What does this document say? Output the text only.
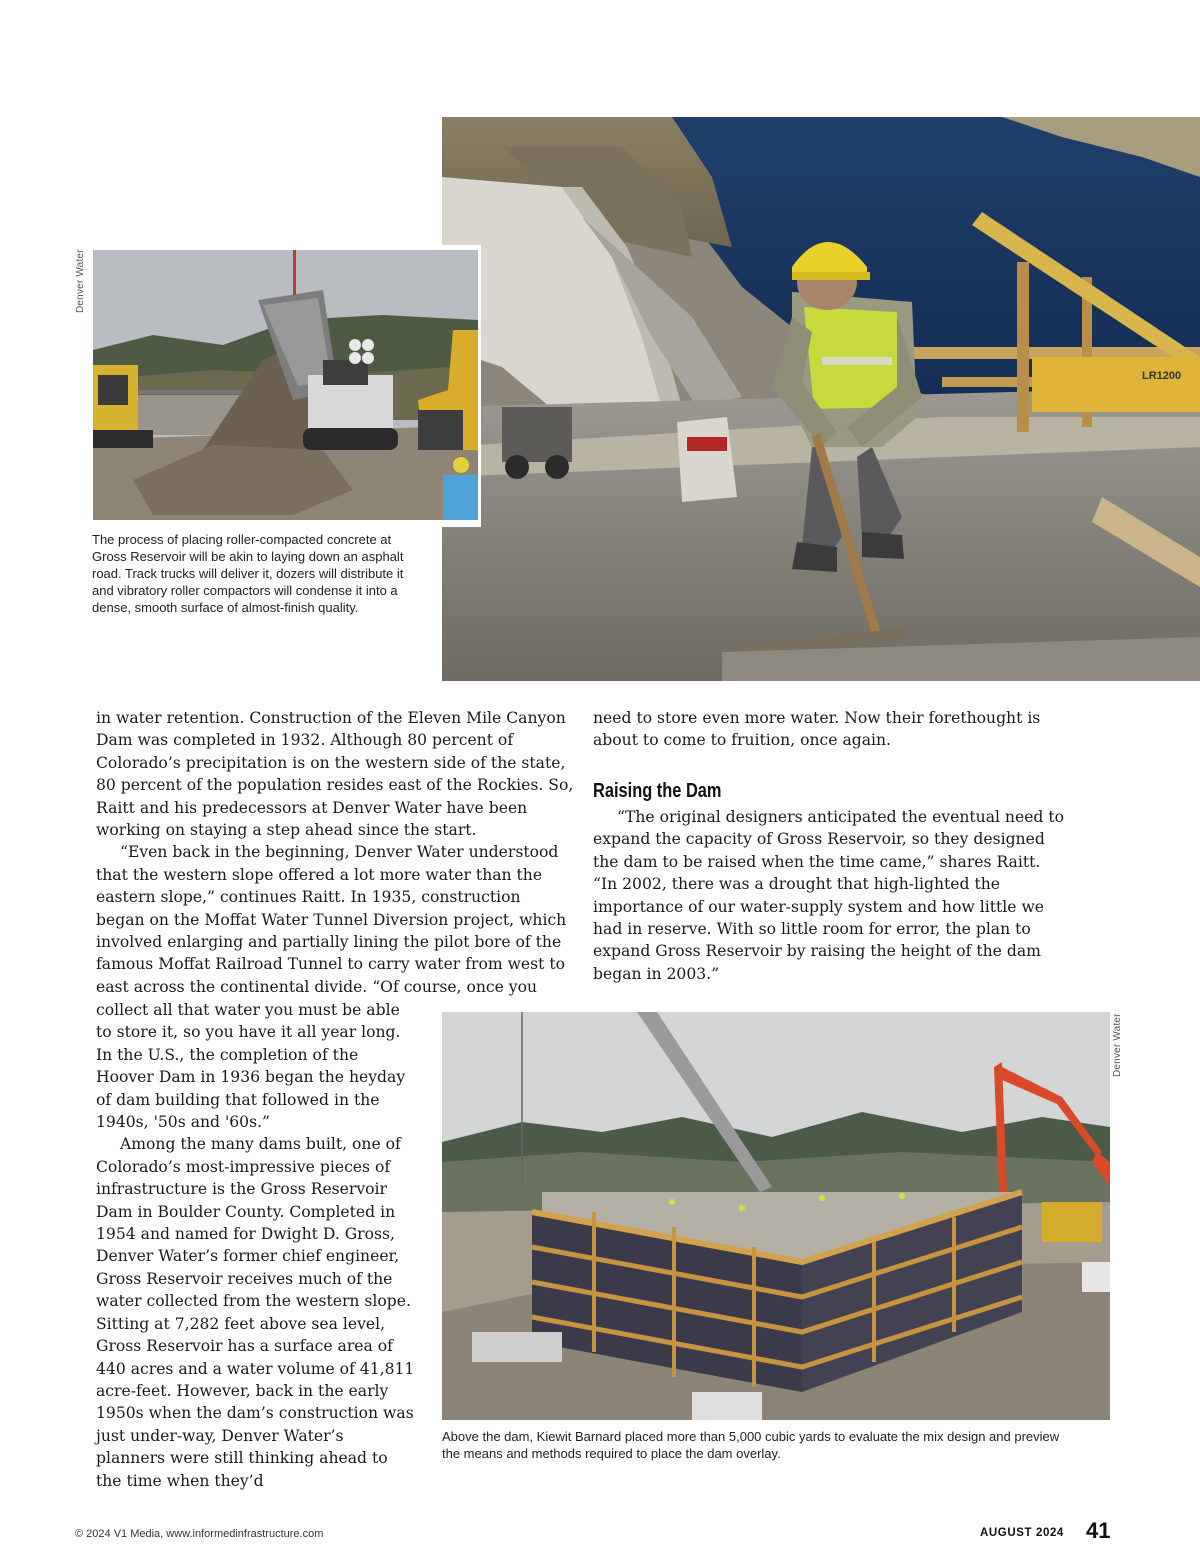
LR1200
Denver Water
Denver Water
The process of placing roller-compacted concrete at Gross Reservoir will be akin to laying down an asphalt road. Track trucks will deliver it, dozers will distribute it and vibratory roller compactors will condense it into a dense, smooth surface of almost-finish quality.

in water retention. Construction of the Eleven Mile Canyon Dam was completed in 1932. Although 80 percent of Colorado’s precipitation is on the western side of the state, 80 percent of the population resides east of the Rockies. So, Raitt and his predecessors at Denver Water have been working on staying a step ahead since the start.

“Even back in the beginning, Denver Water understood that the western slope offered a lot more water than the eastern slope,” continues Raitt. In 1935, construction began on the Moffat Water Tunnel Diversion project, which involved enlarging and partially lining the pilot bore of the famous Moffat Railroad Tunnel to carry water from west to east across the continental divide. “Of course, once you

collect all that water you must be able to store it, so you have it all year long. In the U.S., the completion of the Hoover Dam in 1936 began the heyday of dam building that followed in the 1940s, '50s and '60s.”

Among the many dams built, one of Colorado’s most-impressive pieces of infrastructure is the Gross Reservoir Dam in Boulder County. Completed in 1954 and named for Dwight D. Gross, Denver Water’s former chief engineer, Gross Reservoir receives much of the water collected from the western slope. Sitting at 7,282 feet above sea level, Gross Reservoir has a surface area of 440 acres and a water volume of 41,811 acre-feet. However, back in the early 1950s when the dam’s construction was just under-way, Denver Water’s planners were still thinking ahead to the time when they’d

need to store even more water. Now their forethought is about to come to fruition, once again.

Raising the Dam

“The original designers anticipated the eventual need to expand the capacity of Gross Reservoir, so they designed the dam to be raised when the time came,” shares Raitt. “In 2002, there was a drought that high-lighted the importance of our water-supply system and how little we had in reserve. With so little room for error, the plan to expand Gross Reservoir by raising the height of the dam began in 2003.”

Above the dam, Kiewit Barnard placed more than 5,000 cubic yards to evaluate the mix design and preview the means and methods required to place the dam overlay.
© 2024 V1 Media, www.informedinfrastructure.com	AUGUST 2024 41
